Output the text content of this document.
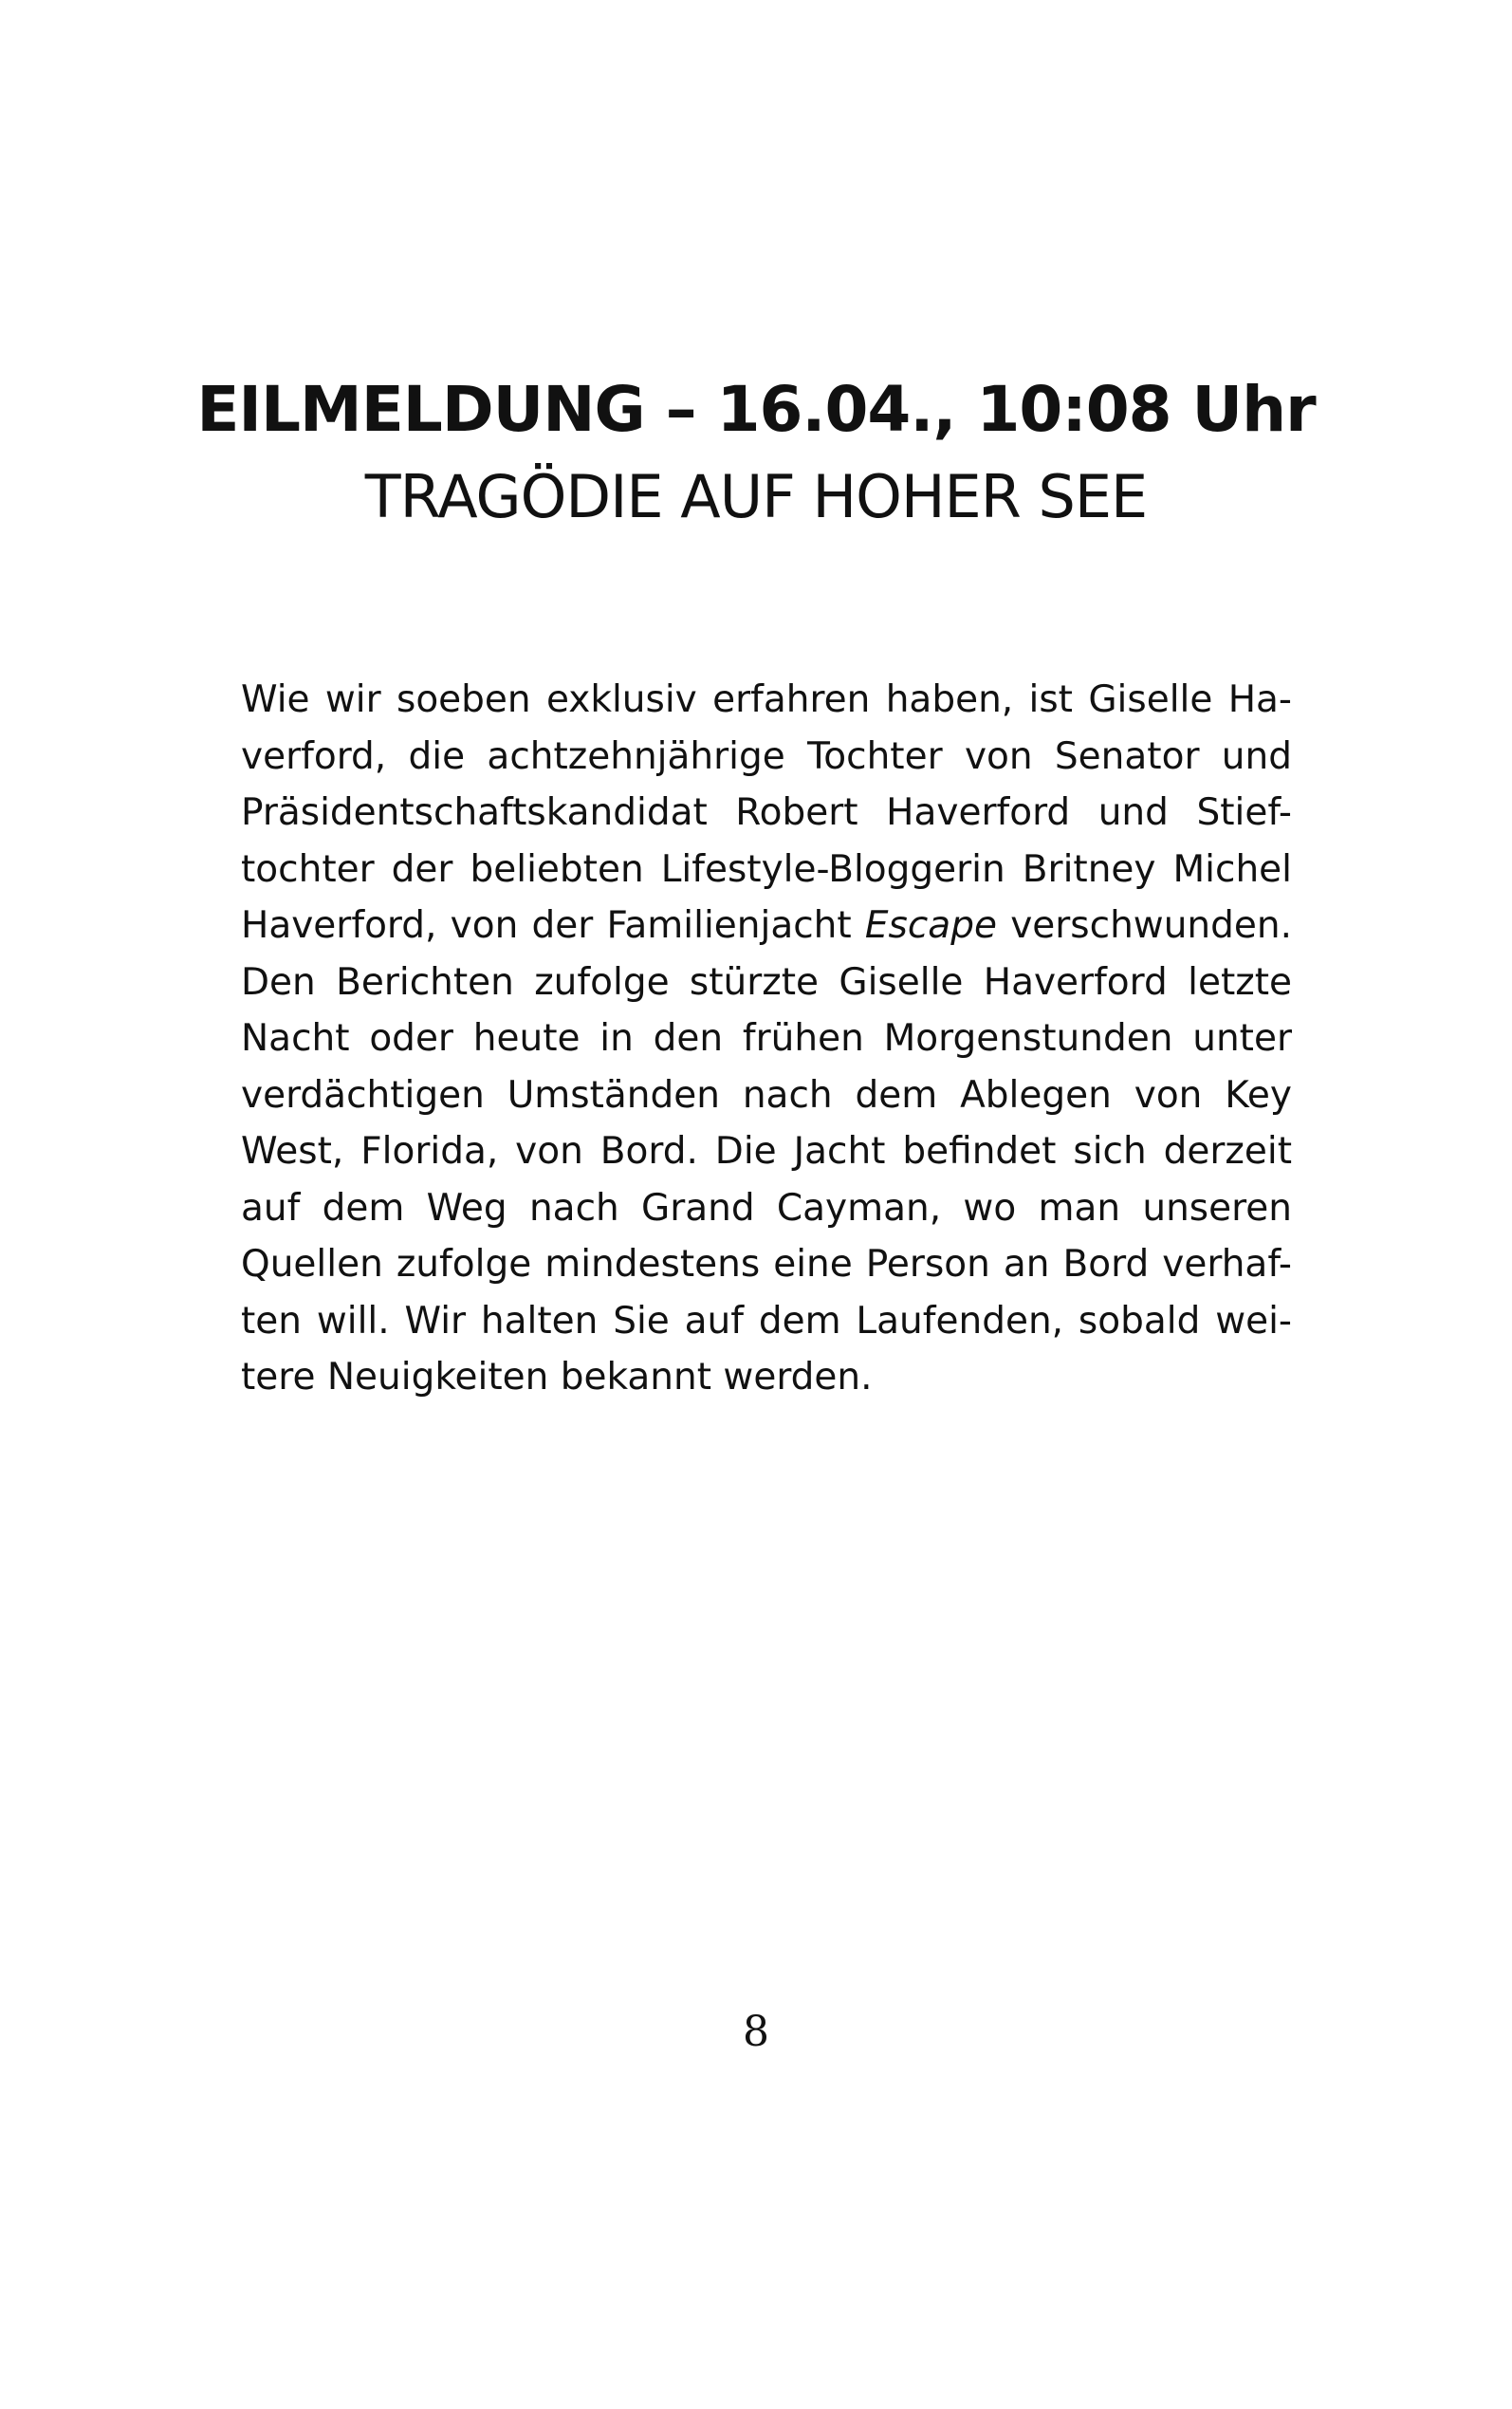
EILMELDUNG – 16.04., 10:08 Uhr
TRAGÖDIE AUF HOHER SEE
Wie wir soeben exklusiv erfahren haben, ist Giselle Ha-
verford, die achtzehnjährige Tochter von Senator und
Präsidentschaftskandidat Robert Haverford und Stief-
tochter der beliebten Lifestyle-Bloggerin Britney Michel
Haverford, von der Familienjacht Escape verschwunden.
Den Berichten zufolge stürzte Giselle Haverford letzte
Nacht oder heute in den frühen Morgenstunden unter
verdächtigen Umständen nach dem Ablegen von Key
West, Florida, von Bord. Die Jacht befindet sich derzeit
auf dem Weg nach Grand Cayman, wo man unseren
Quellen zufolge mindestens eine Person an Bord verhaf-
ten will. Wir halten Sie auf dem Laufenden, sobald wei-
tere Neuigkeiten bekannt werden.
8
